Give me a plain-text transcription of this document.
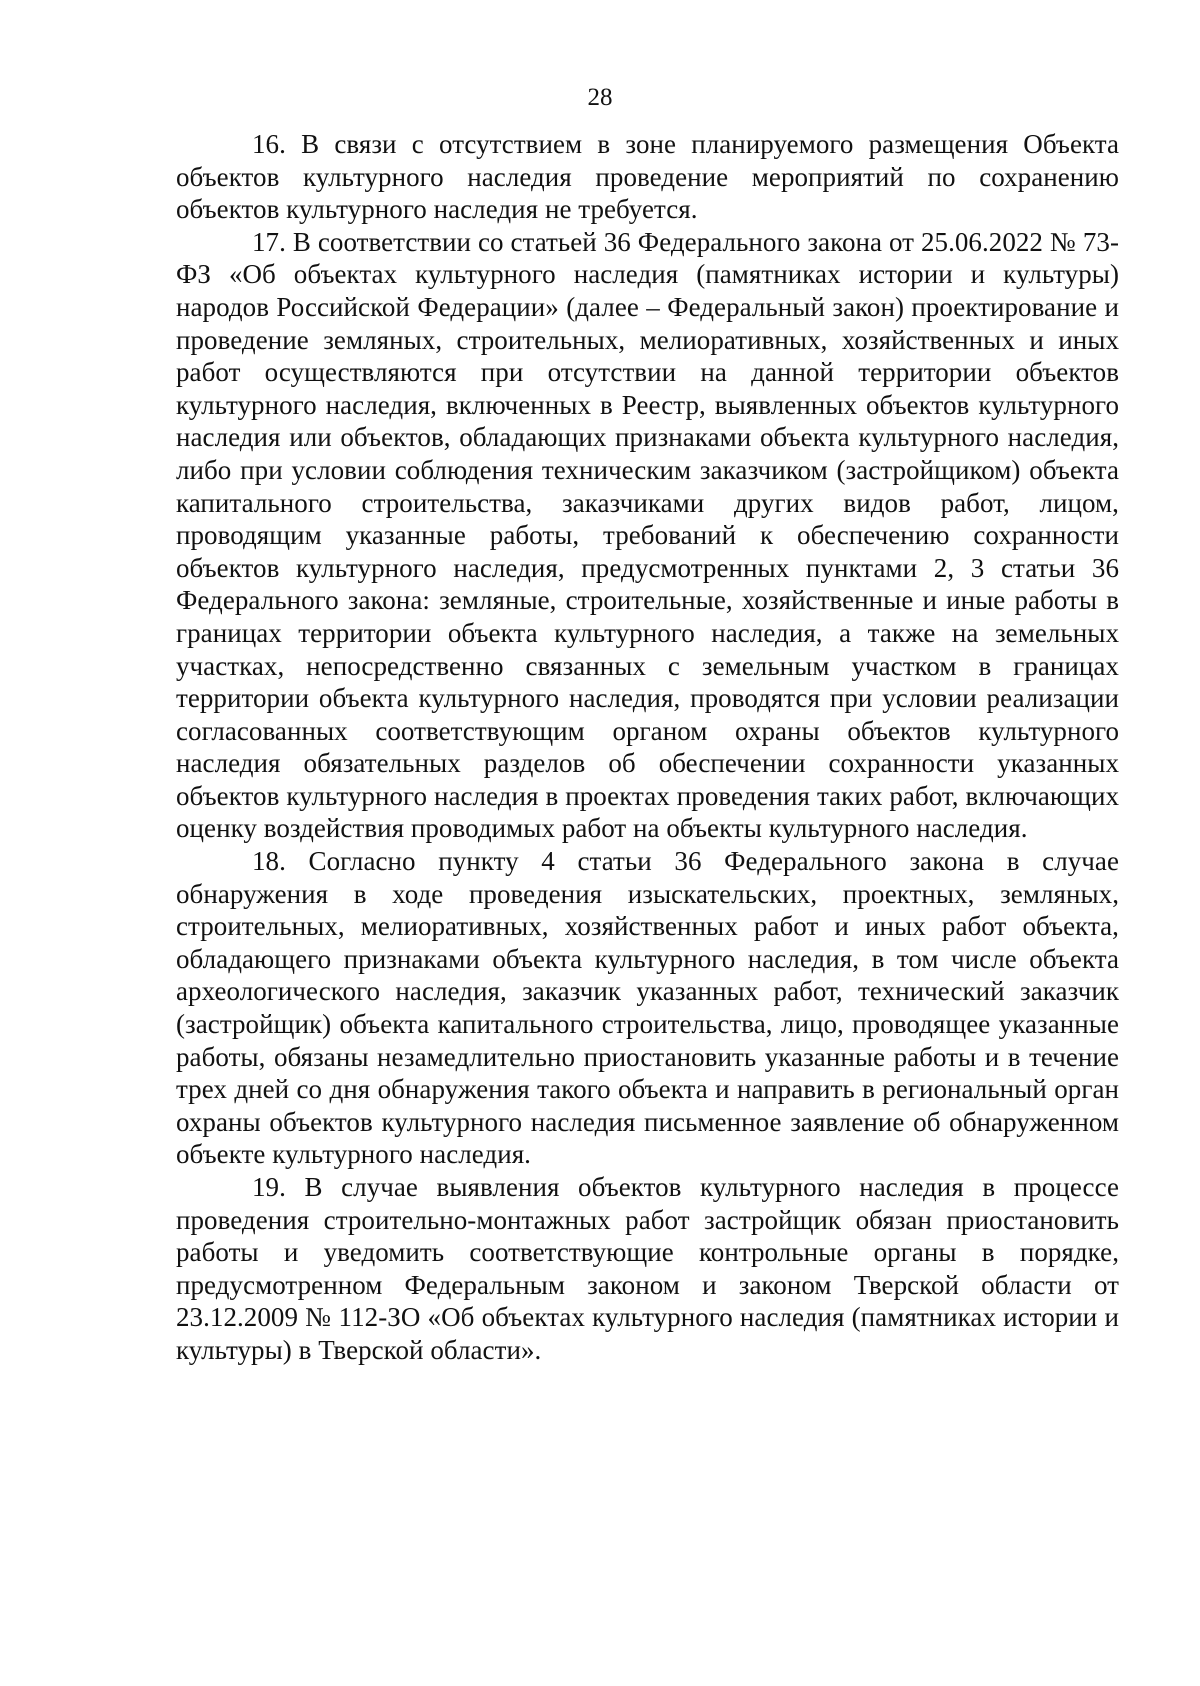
28

16. В связи с отсутствием в зоне планируемого размещения Объекта объектов культурного наследия проведение мероприятий по сохранению объектов культурного наследия не требуется.

17. В соответствии со статьей 36 Федерального закона от 25.06.2022 № 73-ФЗ «Об объектах культурного наследия (памятниках истории и культуры) народов Российской Федерации» (далее – Федеральный закон) проектирование и проведение земляных, строительных, мелиоративных, хозяйственных и иных работ осуществляются при отсутствии на данной территории объектов культурного наследия, включенных в Реестр, выявленных объектов культурного наследия или объектов, обладающих признаками объекта культурного наследия, либо при условии соблюдения техническим заказчиком (застройщиком) объекта капитального строительства, заказчиками других видов работ, лицом, проводящим указанные работы, требований к обеспечению сохранности объектов культурного наследия, предусмотренных пунктами 2, 3 статьи 36 Федерального закона: земляные, строительные, хозяйственные и иные работы в границах территории объекта культурного наследия, а также на земельных участках, непосредственно связанных с земельным участком в границах территории объекта культурного наследия, проводятся при условии реализации согласованных соответствующим органом охраны объектов культурного наследия обязательных разделов об обеспечении сохранности указанных объектов культурного наследия в проектах проведения таких работ, включающих оценку воздействия проводимых работ на объекты культурного наследия.

18. Согласно пункту 4 статьи 36 Федерального закона в случае обнаружения в ходе проведения изыскательских, проектных, земляных, строительных, мелиоративных, хозяйственных работ и иных работ объекта, обладающего признаками объекта культурного наследия, в том числе объекта археологического наследия, заказчик указанных работ, технический заказчик (застройщик) объекта капитального строительства, лицо, проводящее указанные работы, обязаны незамедлительно приостановить указанные работы и в течение трех дней со дня обнаружения такого объекта и направить в региональный орган охраны объектов культурного наследия письменное заявление об обнаруженном объекте культурного наследия.

19. В случае выявления объектов культурного наследия в процессе проведения строительно-монтажных работ застройщик обязан приостановить работы и уведомить соответствующие контрольные органы в порядке, предусмотренном Федеральным законом и законом Тверской области от 23.12.2009 № 112-ЗО «Об объектах культурного наследия (памятниках истории и культуры) в Тверской области».
